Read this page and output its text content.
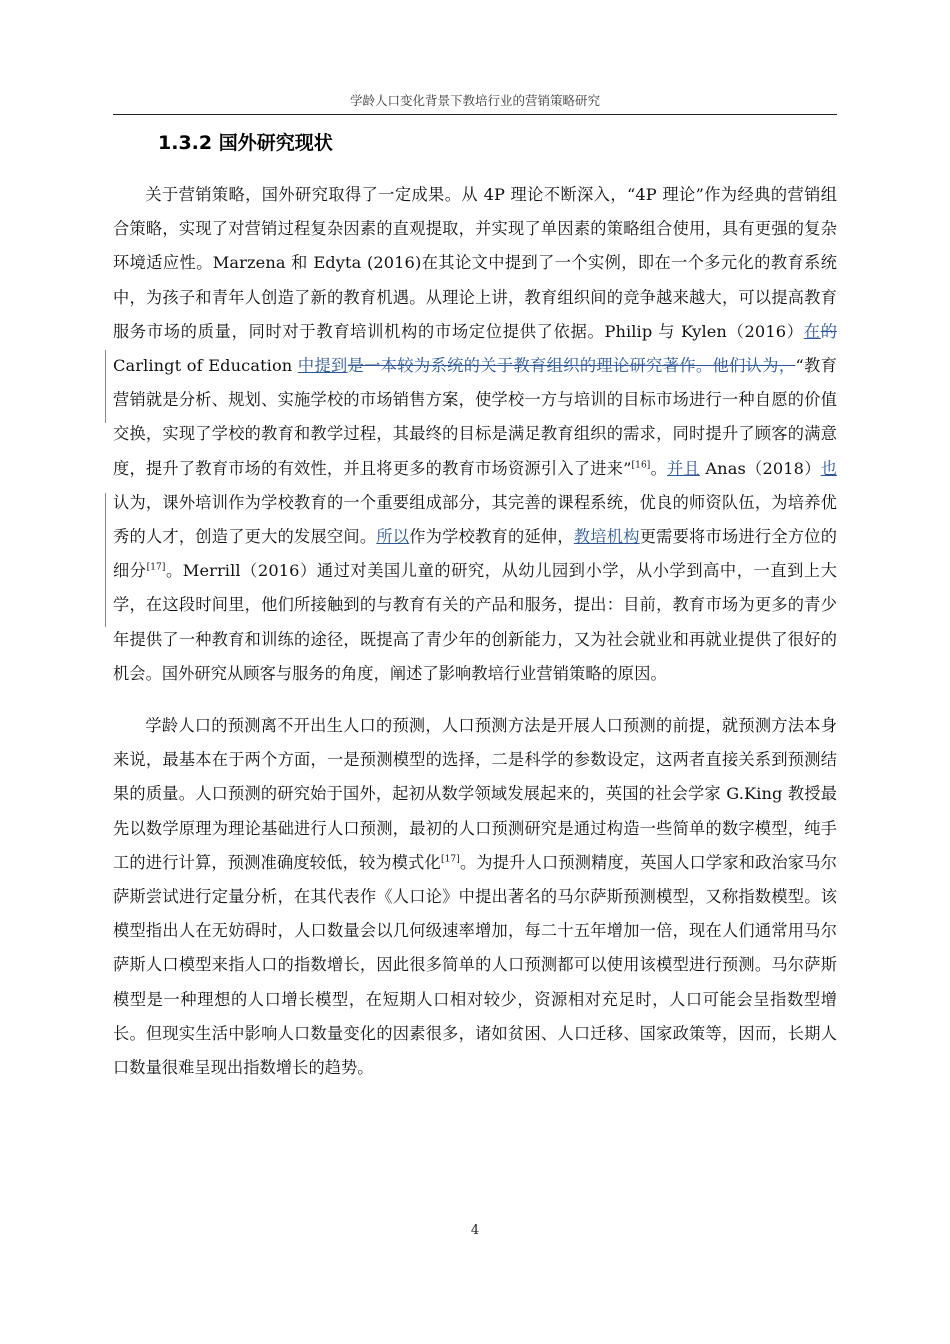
学龄人口变化背景下教培行业的营销策略研究
1.3.2 国外研究现状

关于营销策略，国外研究取得了一定成果。从 4P 理论不断深入，“4P 理论”作为经典的营销组合策略，实现了对营销过程复杂因素的直观提取，并实现了单因素的策略组合使用，具有更强的复杂环境适应性。Marzena 和 Edyta (2016)在其论文中提到了一个实例，即在一个多元化的教育系统中，为孩子和青年人创造了新的教育机遇。从理论上讲，教育组织间的竞争越来越大，可以提高教育服务市场的质量，同时对于教育培训机构的市场定位提供了依据。Philip 与 Kylen（2016）在的 Carlingt of Education 中提到是一本较为系统的关于教育组织的理论研究著作。他们认为，“教育营销就是分析、规划、实施学校的市场销售方案，使学校一方与培训的目标市场进行一种自愿的价值交换，实现了学校的教育和教学过程，其最终的目标是满足教育组织的需求，同时提升了顾客的满意度，提升了教育市场的有效性，并且将更多的教育市场资源引入了进来”[16]。并且 Anas（2018）也认为，课外培训作为学校教育的一个重要组成部分，其完善的课程系统，优良的师资队伍，为培养优秀的人才，创造了更大的发展空间。所以作为学校教育的延伸，教培机构更需要将市场进行全方位的细分[17]。Merrill（2016）通过对美国儿童的研究，从幼儿园到小学，从小学到高中，一直到上大学，在这段时间里，他们所接触到的与教育有关的产品和服务，提出：目前，教育市场为更多的青少年提供了一种教育和训练的途径，既提高了青少年的创新能力，又为社会就业和再就业提供了很好的机会。国外研究从顾客与服务的角度，阐述了影响教培行业营销策略的原因。

学龄人口的预测离不开出生人口的预测，人口预测方法是开展人口预测的前提，就预测方法本身来说，最基本在于两个方面，一是预测模型的选择，二是科学的参数设定，这两者直接关系到预测结果的质量。人口预测的研究始于国外，起初从数学领域发展起来的，英国的社会学家 G.King 教授最先以数学原理为理论基础进行人口预测，最初的人口预测研究是通过构造一些简单的数字模型，纯手工的进行计算，预测准确度较低，较为模式化[17]。为提升人口预测精度，英国人口学家和政治家马尔萨斯尝试进行定量分析，在其代表作《人口论》中提出著名的马尔萨斯预测模型，又称指数模型。该模型指出人在无妨碍时，人口数量会以几何级速率增加，每二十五年增加一倍，现在人们通常用马尔萨斯人口模型来指人口的指数增长，因此很多简单的人口预测都可以使用该模型进行预测。马尔萨斯模型是一种理想的人口增长模型，在短期人口相对较少，资源相对充足时，人口可能会呈指数型增长。但现实生活中影响人口数量变化的因素很多，诸如贫困、人口迁移、国家政策等，因而，长期人口数量很难呈现出指数增长的趋势。

4
